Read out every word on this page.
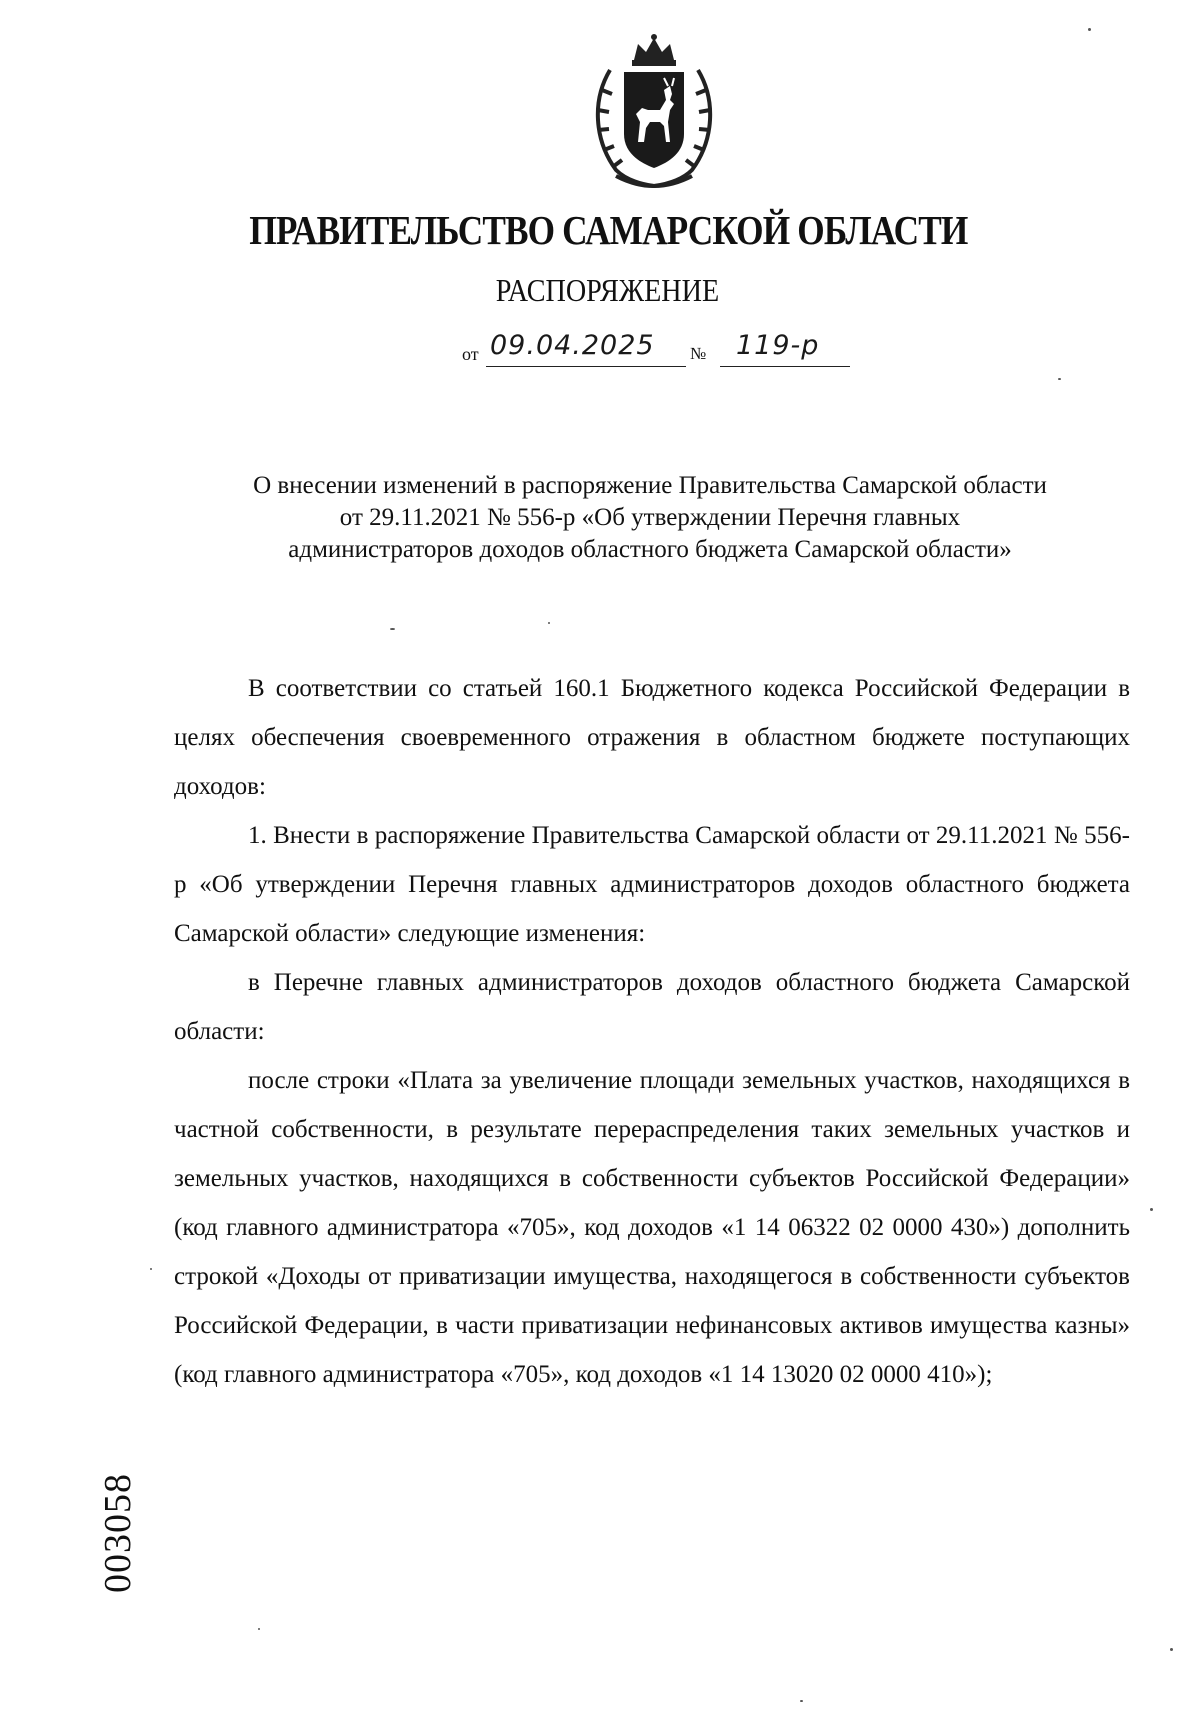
ПРАВИТЕЛЬСТВО САМАРСКОЙ ОБЛАСТИ
РАСПОРЯЖЕНИЕ
от 09.04.2025 № 119-р
О внесении изменений в распоряжение Правительства Самарской области
от 29.11.2021 № 556-р «Об утверждении Перечня главных
администраторов доходов областного бюджета Самарской области»

В соответствии со статьей 160.1 Бюджетного кодекса Российской Федерации в целях обеспечения своевременного отражения в областном бюджете поступающих доходов:

1. Внести в распоряжение Правительства Самарской области от 29.11.2021 № 556-р «Об утверждении Перечня главных администраторов доходов областного бюджета Самарской области» следующие изменения:

в Перечне главных администраторов доходов областного бюджета Самарской области:

после строки «Плата за увеличение площади земельных участков, находящихся в частной собственности, в результате перераспределения таких земельных участков и земельных участков, находящихся в собственности субъектов Российской Федерации» (код главного администратора «705», код доходов «1 14 06322 02 0000 430») дополнить строкой «Доходы от приватизации имущества, находящегося в собственности субъектов Российской Федерации, в части приватизации нефинансовых активов имущества казны» (код главного администратора «705», код доходов «1 14 13020 02 0000 410»);

003058
